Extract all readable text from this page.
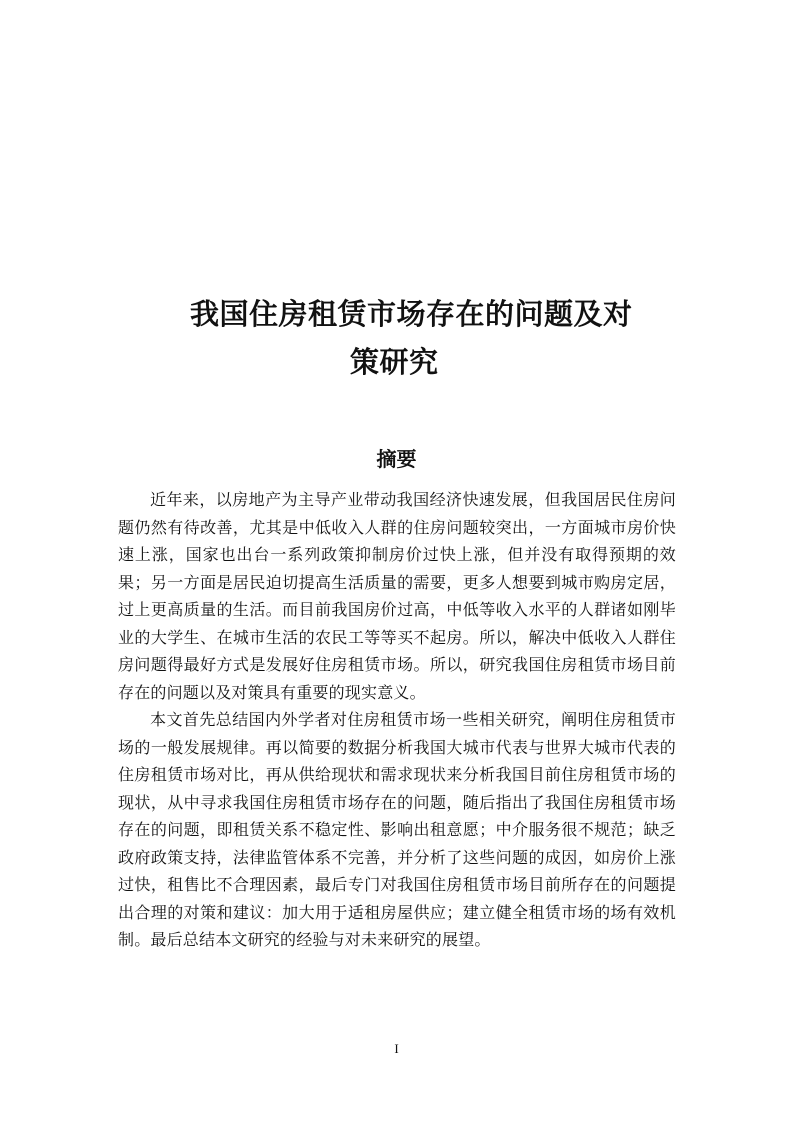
我国住房租赁市场存在的问题及对
策研究
摘要

近年来，以房地产为主导产业带动我国经济快速发展，但我国居民住房问题仍然有待改善，尤其是中低收入人群的住房问题较突出，一方面城市房价快速上涨，国家也出台一系列政策抑制房价过快上涨，但并没有取得预期的效果；另一方面是居民迫切提高生活质量的需要，更多人想要到城市购房定居，过上更高质量的生活。而目前我国房价过高，中低等收入水平的人群诸如刚毕业的大学生、在城市生活的农民工等等买不起房。所以，解决中低收入人群住房问题得最好方式是发展好住房租赁市场。所以，研究我国住房租赁市场目前存在的问题以及对策具有重要的现实意义。

本文首先总结国内外学者对住房租赁市场一些相关研究，阐明住房租赁市场的一般发展规律。再以简要的数据分析我国大城市代表与世界大城市代表的住房租赁市场对比，再从供给现状和需求现状来分析我国目前住房租赁市场的现状，从中寻求我国住房租赁市场存在的问题，随后指出了我国住房租赁市场存在的问题，即租赁关系不稳定性、影响出租意愿；中介服务很不规范；缺乏政府政策支持，法律监管体系不完善，并分析了这些问题的成因，如房价上涨过快，租售比不合理因素，最后专门对我国住房租赁市场目前所存在的问题提出合理的对策和建议：加大用于适租房屋供应；建立健全租赁市场的场有效机制。最后总结本文研究的经验与对未来研究的展望。

I
